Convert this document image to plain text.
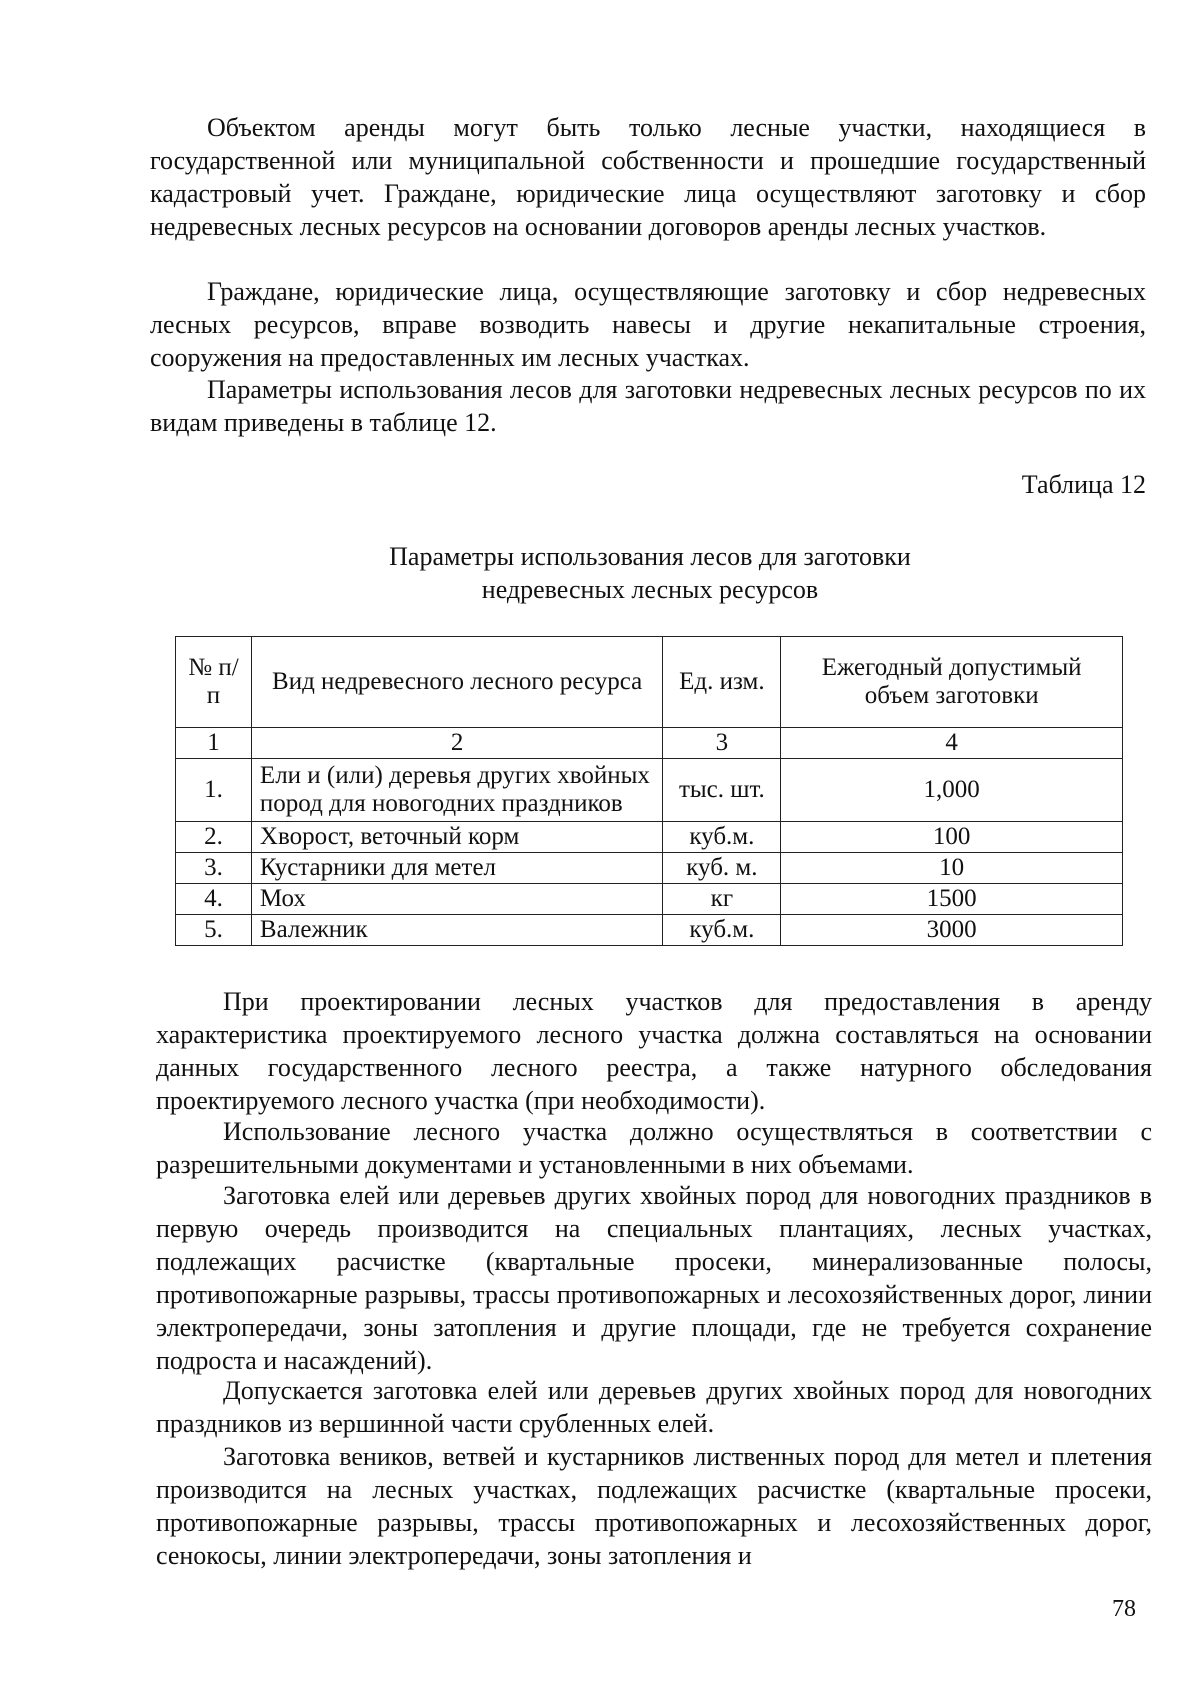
Объектом аренды могут быть только лесные участки, находящиеся в государственной или муниципальной собственности и прошедшие государственный кадастровый учет. Граждане, юридические лица осуществляют заготовку и сбор недревесных лесных ресурсов на основании договоров аренды лесных участков.

Граждане, юридические лица, осуществляющие заготовку и сбор недревесных лесных ресурсов, вправе возводить навесы и другие некапитальные строения, сооружения на предоставленных им лесных участках.

Параметры использования лесов для заготовки недревесных лесных ресурсов по их видам приведены в таблице 12.

Таблица 12
Параметры использования лесов для заготовки
недревесных лесных ресурсов
№ п/п	Вид недревесного лесного ресурса	Ед. изм.	Ежегодный допустимый объем заготовки
1	2	3	4
1.	Ели и (или) деревья других хвойных пород для новогодних праздников	тыс. шт.	1,000
2.	Хворост, веточный корм	куб.м.	100
3.	Кустарники для метел	куб. м.	10
4.	Мох	кг	1500
5.	Валежник	куб.м.	3000

При проектировании лесных участков для предоставления в аренду характеристика проектируемого лесного участка должна составляться на основании данных государственного лесного реестра, а также натурного обследования проектируемого лесного участка (при необходимости).

Использование лесного участка должно осуществляться в соответствии с разрешительными документами и установленными в них объемами.

Заготовка елей или деревьев других хвойных пород для новогодних праздников в первую очередь производится на специальных плантациях, лесных участках, подлежащих расчистке (квартальные просеки, минерализованные полосы, противопожарные разрывы, трассы противопожарных и лесохозяйственных дорог, линии электропередачи, зоны затопления и другие площади, где не требуется сохранение подроста и насаждений).

Допускается заготовка елей или деревьев других хвойных пород для новогодних праздников из вершинной части срубленных елей.

Заготовка веников, ветвей и кустарников лиственных пород для метел и плетения производится на лесных участках, подлежащих расчистке (квартальные просеки, противопожарные разрывы, трассы противопожарных и лесохозяйственных дорог, сенокосы, линии электропередачи, зоны затопления и

78
